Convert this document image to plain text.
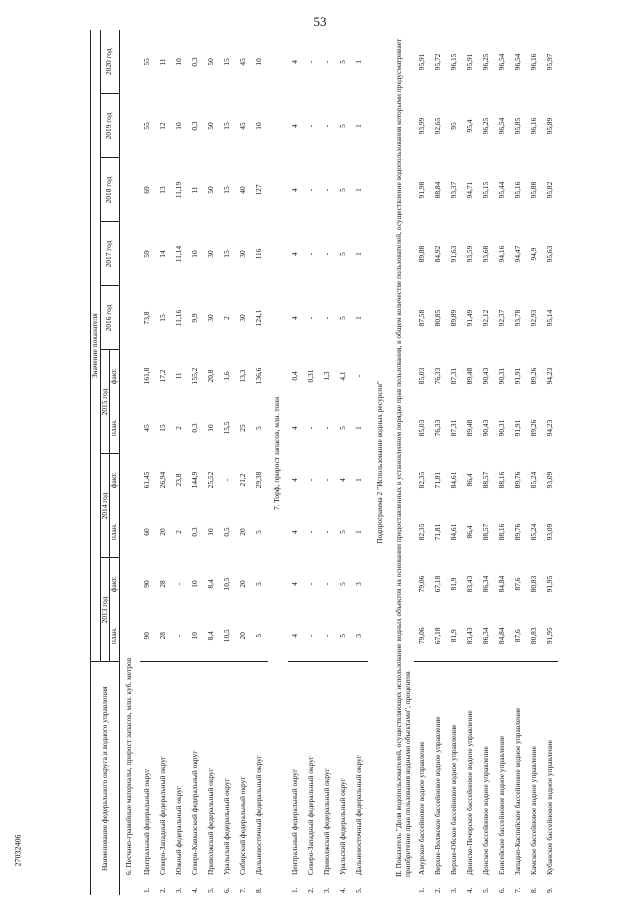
53
27032406	Наименование федерального округа и водного управления		Значение показателя										
		2013 год		2014 год		2015 год		2016 год	2017 год	2018 год	2019 год	2020 год
		план.	факт.	план.	факт.	план.	факт.					
	6. Песчано-гравийные материалы, прирост запасов, млн. куб. метров											
1.	Центральный федеральный округ	90	90	60	61,45	45	161,8	73,8	59	69	55	55
2.	Северо-Западный федеральный округ	28	28	20	26,94	15	17,2	15	14	13	12	11
3.	Южный федеральный округ	-	-	2	23,8	2	11	11,16	11,14	11,19	10	10
4.	Северо-Кавказский федеральный округ	10	10	0,3	144,9	0,3	155,2	9,9	10	11	0,3	0,3
5.	Приволжский федеральный округ	8,4	8,4	10	25,52	10	20,8	30	30	50	50	50
6.	Уральский федеральный округ	10,5	10,5	0,5	-	15,5	1,6	2	15	15	15	15
7.	Сибирский федеральный округ	20	20	20	21,2	25	13,3	30	30	40	45	45
8.	Дальневосточный федеральный округ	5	5	5	29,38	5	136,6	124,1	116	127	10	10
	7. Торф, прирост запасов, млн. тонн											
1.	Центральный федеральный округ	4	4	4	4	4	0,4	4	4	4	4	4
2.	Северо-Западный федеральный округ	-	-	-	-	-	0,31	-	-	-	-	-
3.	Приволжский федеральный округ	-	-	-	-	-	1,3	-	-	-	-	-
4.	Уральский федеральный округ	5	5	5	4	5	4,1	5	5	5	5	5
5.	Дальневосточный федеральный округ	3	3	1	1	1	-	1	1	1	1	1
Подпрограмма 2 "Использование водных ресурсов"												
II. Показатель "Доля водопользователей, осуществляющих использование водных объектов на основании предоставленных в установленном порядке прав пользования, в общем количестве пользователей, осуществление водопользования которыми предусматривает приобретение прав пользования водными объектами", процентов												
1.	Амурское бассейновое водное управление	79,06	79,06	82,35	82,35	85,03	85,03	87,58	89,88	91,98	93,99	95,91
2.	Верхне-Волжское бассейновое водное управление	67,18	67,18	71,81	71,81	76,33	76,33	80,85	84,92	88,84	92,65	95,72
3.	Верхне-Обское бассейновое водное управление	81,9	81,9	84,61	84,61	87,31	87,31	89,89	91,63	93,37	95	96,15
4.	Двинско-Печорское бассейновое водное управление	83,43	83,43	86,4	86,4	89,48	89,48	91,49	93,59	94,71	95,4	95,91
5.	Донское бассейновое водное управление	86,34	86,34	88,57	88,57	90,43	90,43	92,12	93,68	95,15	96,25	96,25
6.	Енисейское бассейновое водное управление	84,84	84,84	88,16	88,16	90,31	90,31	92,37	94,16	95,44	96,54	96,54
7.	Западно-Каспийское бассейновое водное управление	87,6	87,6	89,76	89,76	91,91	91,91	93,78	94,47	95,16	95,85	96,54
8.	Камское бассейновое водное управление	80,83	80,83	85,24	85,24	89,26	89,26	92,93	94,9	95,88	96,16	96,16
9.	Кубанское бассейновое водное управление	91,95	91,95	93,09	93,09	94,23	94,23	95,14	95,63	95,82	95,89	95,97
